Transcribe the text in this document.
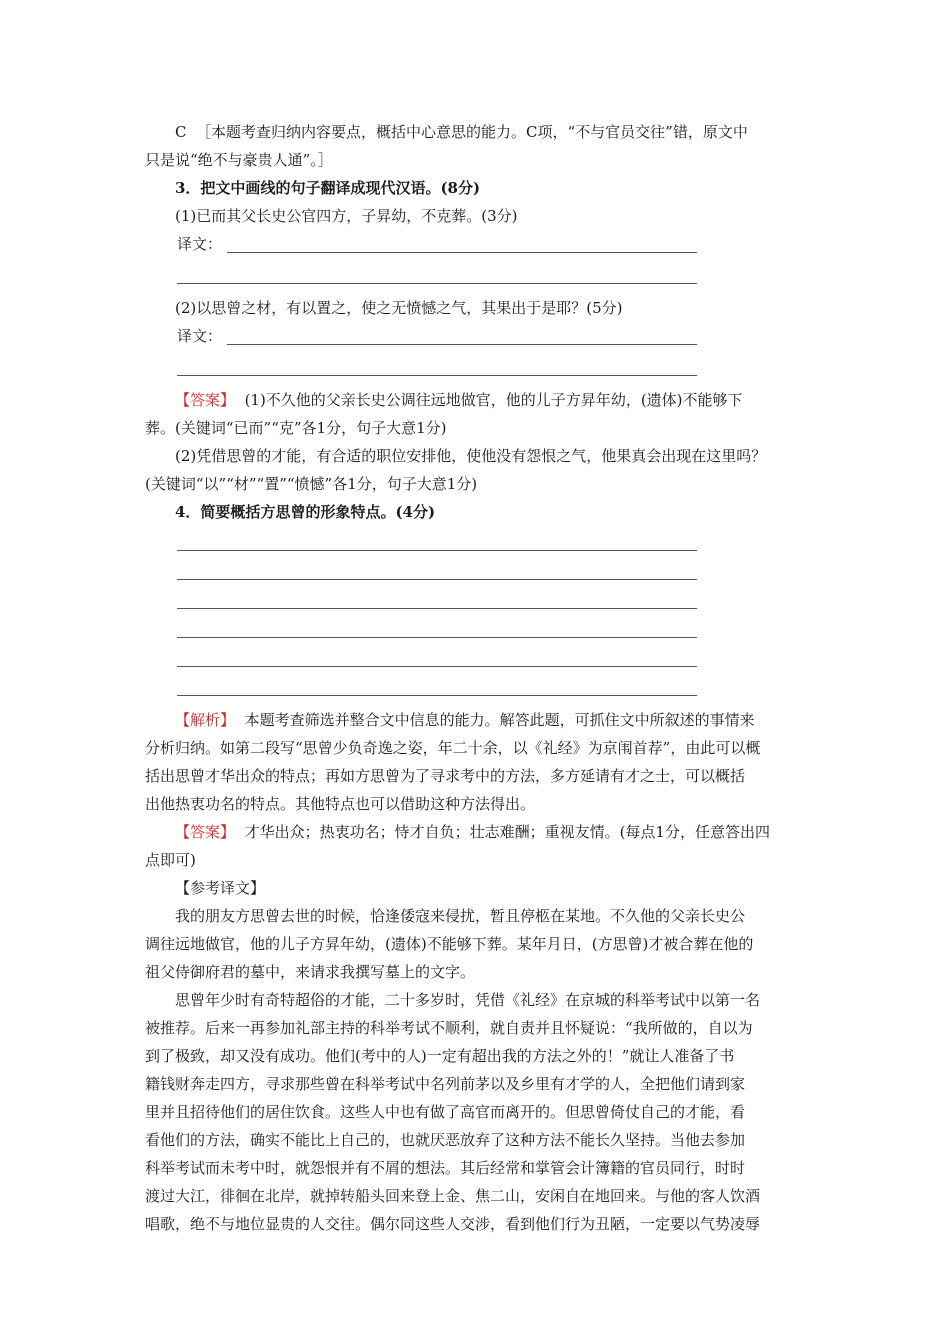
C ［本题考查归纳内容要点，概括中心意思的能力。C项，“不与官员交往”错，原文中

只是说“绝不与豪贵人通”。］

3．把文中画线的句子翻译成现代汉语。(8分)

(1)已而其父长史公官四方，子昇幼，不克葬。(3分)

译文：

(2)以思曾之材，有以置之，使之无愤憾之气，其果出于是耶？(5分)

译文：

【答案】 (1)不久他的父亲长史公调往远地做官，他的儿子方昇年幼，(遗体)不能够下

葬。(关键词“已而”“克”各1分，句子大意1分)

(2)凭借思曾的才能，有合适的职位安排他，使他没有怨恨之气，他果真会出现在这里吗？

(关键词“以”“材”“置”“愤憾”各1分，句子大意1分)

4．简要概括方思曾的形象特点。(4分)

【解析】 本题考查筛选并整合文中信息的能力。解答此题，可抓住文中所叙述的事情来

分析归纳。如第二段写“思曾少负奇逸之姿，年二十余，以《礼经》为京闱首荐”，由此可以概

括出思曾才华出众的特点；再如方思曾为了寻求考中的方法，多方延请有才之士，可以概括

出他热衷功名的特点。其他特点也可以借助这种方法得出。

【答案】 才华出众；热衷功名；恃才自负；壮志难酬；重视友情。(每点1分，任意答出四

点即可)

【参考译文】

我的朋友方思曾去世的时候，恰逢倭寇来侵扰，暂且停柩在某地。不久他的父亲长史公

调往远地做官，他的儿子方昇年幼，(遗体)不能够下葬。某年月日，(方思曾)才被合葬在他的

祖父侍御府君的墓中，来请求我撰写墓上的文字。

思曾年少时有奇特超俗的才能，二十多岁时，凭借《礼经》在京城的科举考试中以第一名

被推荐。后来一再参加礼部主持的科举考试不顺利，就自责并且怀疑说：“我所做的，自以为

到了极致，却又没有成功。他们(考中的人)一定有超出我的方法之外的！”就让人准备了书

籍钱财奔走四方，寻求那些曾在科举考试中名列前茅以及乡里有才学的人，全把他们请到家

里并且招待他们的居住饮食。这些人中也有做了高官而离开的。但思曾倚仗自己的才能，看

看他们的方法，确实不能比上自己的，也就厌恶放弃了这种方法不能长久坚持。当他去参加

科举考试而未考中时，就怨恨并有不屑的想法。其后经常和掌管会计簿籍的官员同行，时时

渡过大江，徘徊在北岸，就掉转船头回来登上金、焦二山，安闲自在地回来。与他的客人饮酒

唱歌，绝不与地位显贵的人交往。偶尔同这些人交涉，看到他们行为丑陋，一定要以气势凌辱
